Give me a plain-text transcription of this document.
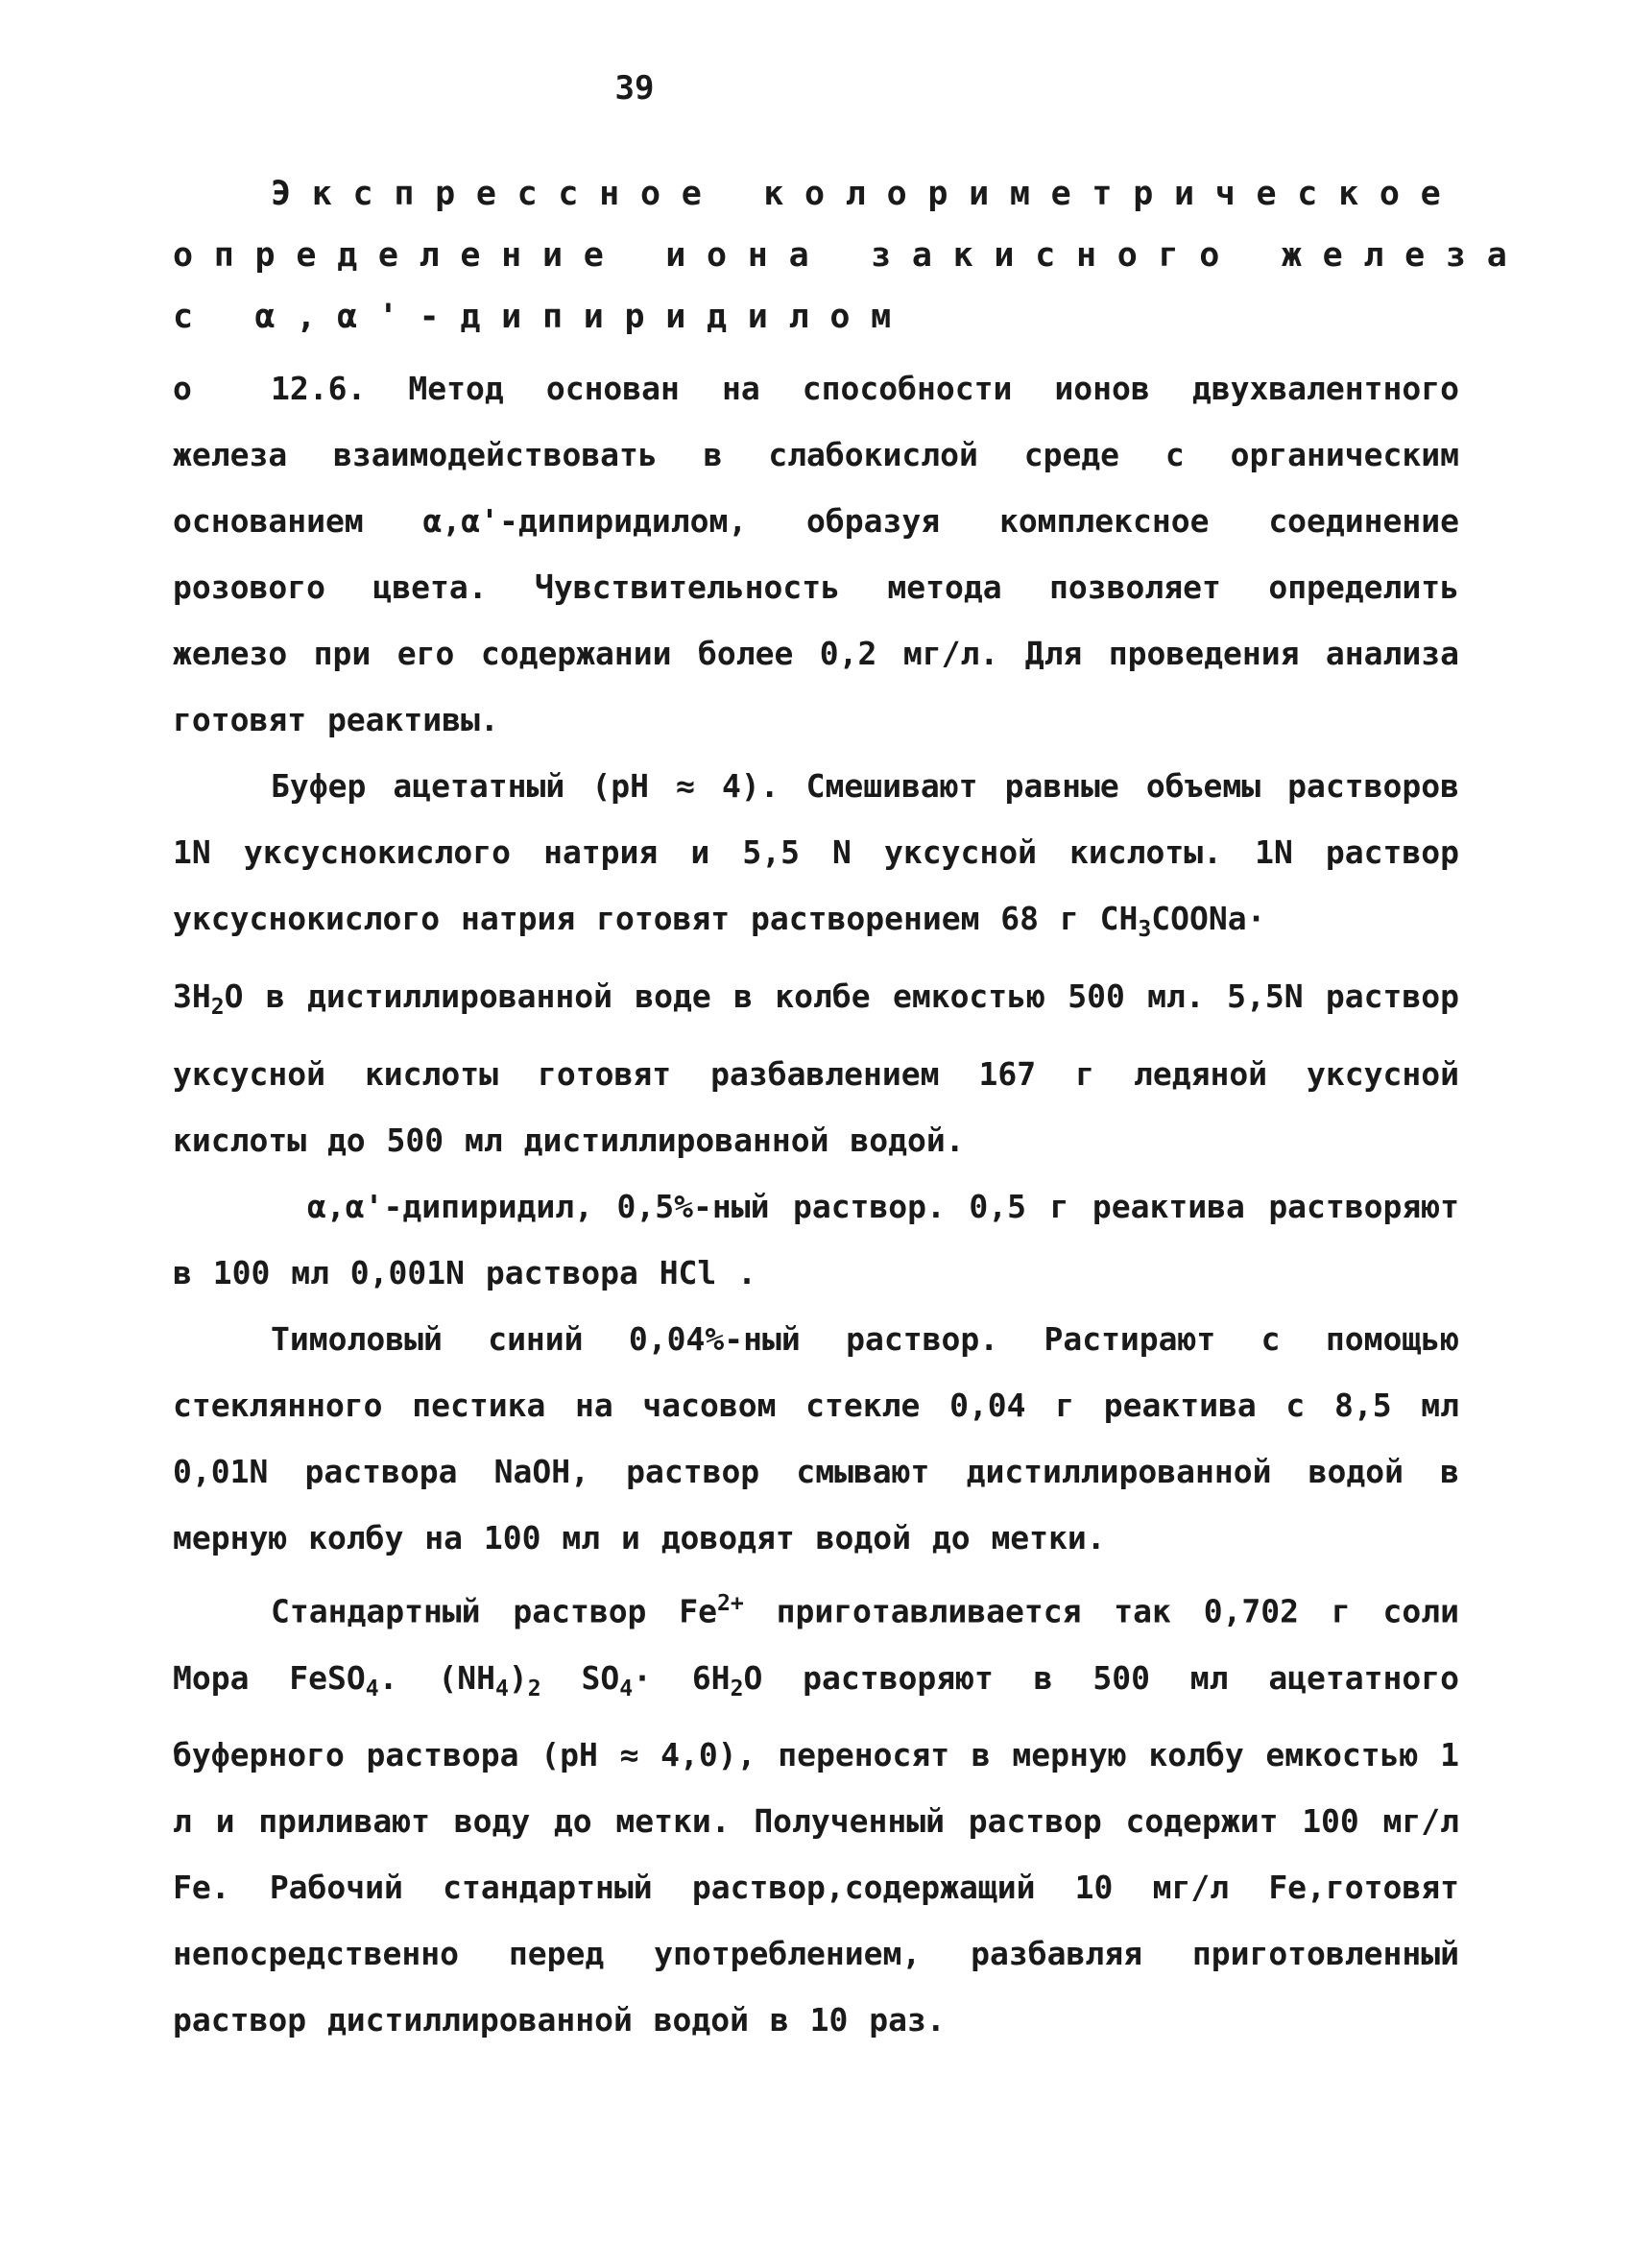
39
Экспрессное колориметрическое
определение иона закисного железа
с α,α'-дипиридилом

о 12.6. Метод основан на способности ионов двухвалентного железа взаимодействовать в слабокислой среде с органическим основанием α,α'-дипиридилом, образуя комплексное соединение розового цвета. Чувствительность метода позволяет определить железо при его содержании более 0,2 мг/л. Для проведения анализа готовят реактивы.

Буфер ацетатный (рН ≈ 4). Смешивают равные объемы растворов 1N уксуснокислого натрия и 5,5 N уксусной кислоты. 1N раствор уксуснокислого натрия готовят растворением 68 г $CH_3COONa\cdot$
$3H_2O$ в дистиллированной воде в колбе емкостью 500 мл. 5,5N раствор уксусной кислоты готовят разбавлением 167 г ледяной уксусной кислоты до 500 мл дистиллированной водой.

α,α'-дипиридил, 0,5%-ный раствор. 0,5 г реактива растворяют в 100 мл 0,001N раствора НСl .

Тимоловый синий 0,04%-ный раствор. Растирают с помощью стеклянного пестика на часовом стекле 0,04 г реактива с 8,5 мл 0,01N раствора NaOH, раствор смывают дистиллированной водой в мерную колбу на 100 мл и доводят водой до метки.

Стандартный раствор $Fe^{2+}$ приготавливается так 0,702 г соли Мора FeSO$_4$. $(NH_4)_2$ $SO_4\cdot 6H_2O$ растворяют в 500 мл ацетатного буферного раствора (рН ≈ 4,0), переносят в мерную колбу емкостью 1 л и приливают воду до метки. Полученный раствор содержит 100 мг/л Fe. Рабочий стандартный раствор,содержащий 10 мг/л Fe,готовят непосредственно перед употреблением, разбавляя приготовленный раствор дистиллированной водой в 10 раз.
